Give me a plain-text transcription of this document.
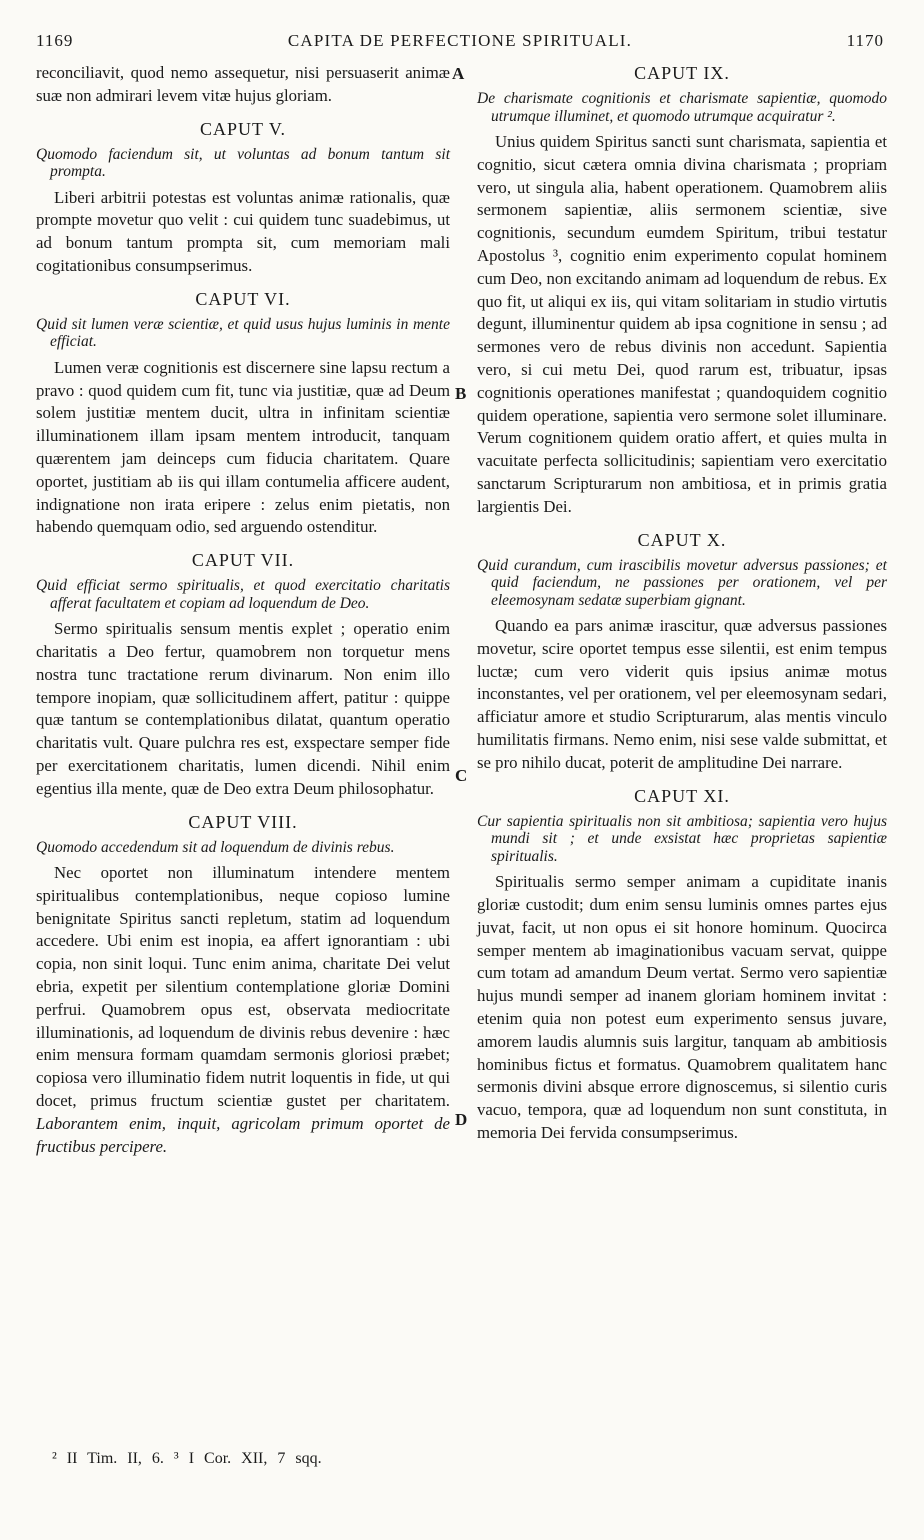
1169	CAPITA DE PERFECTIONE SPIRITUALI.	1170
A
B
C
D

reconciliavit, quod nemo assequetur, nisi persuaserit animæ suæ non admirari levem vitæ hujus gloriam.

CAPUT V.
Quomodo faciendum sit, ut voluntas ad bonum tantum sit prompta.

Liberi arbitrii potestas est voluntas animæ rationalis, quæ prompte movetur quo velit : cui quidem tunc suadebimus, ut ad bonum tantum prompta sit, cum memoriam mali cogitationibus consumpserimus.

CAPUT VI.
Quid sit lumen veræ scientiæ, et quid usus hujus luminis in mente efficiat.

Lumen veræ cognitionis est discernere sine lapsu rectum a pravo : quod quidem cum fit, tunc via justitiæ, quæ ad Deum solem justitiæ mentem ducit, ultra in infinitam scientiæ illuminationem illam ipsam mentem introducit, tanquam quærentem jam deinceps cum fiducia charitatem. Quare oportet, justitiam ab iis qui illam contumelia afficere audent, indignatione non irata eripere : zelus enim pietatis, non habendo quemquam odio, sed arguendo ostenditur.

CAPUT VII.
Quid efficiat sermo spiritualis, et quod exercitatio charitatis afferat facultatem et copiam ad loquendum de Deo.

Sermo spiritualis sensum mentis explet ; operatio enim charitatis a Deo fertur, quamobrem non torquetur mens nostra tunc tractatione rerum divinarum. Non enim illo tempore inopiam, quæ sollicitudinem affert, patitur : quippe quæ tantum se contemplationibus dilatat, quantum operatio charitatis vult. Quare pulchra res est, exspectare semper fide per exercitationem charitatis, lumen dicendi. Nihil enim egentius illa mente, quæ de Deo extra Deum philosophatur.

CAPUT VIII.
Quomodo accedendum sit ad loquendum de divinis rebus.

Nec oportet non illuminatum intendere mentem spiritualibus contemplationibus, neque copioso lumine benignitate Spiritus sancti repletum, statim ad loquendum accedere. Ubi enim est inopia, ea affert ignorantiam : ubi copia, non sinit loqui. Tunc enim anima, charitate Dei velut ebria, expetit per silentium contemplatione gloriæ Domini perfrui. Quamobrem opus est, observata mediocritate illuminationis, ad loquendum de divinis rebus devenire : hæc enim mensura formam quamdam sermonis gloriosi præbet; copiosa vero illuminatio fidem nutrit loquentis in fide, ut qui docet, primus fructum scientiæ gustet per charitatem. Laborantem enim, inquit, agricolam primum oportet de fructibus percipere.

CAPUT IX.
De charismate cognitionis et charismate sapientiæ, quomodo utrumque illuminet, et quomodo utrumque acquiratur ².

Unius quidem Spiritus sancti sunt charismata, sapientia et cognitio, sicut cætera omnia divina charismata ; propriam vero, ut singula alia, habent operationem. Quamobrem aliis sermonem sapientiæ, aliis sermonem scientiæ, sive cognitionis, secundum eumdem Spiritum, tribui testatur Apostolus ³, cognitio enim experimento copulat hominem cum Deo, non excitando animam ad loquendum de rebus. Ex quo fit, ut aliqui ex iis, qui vitam solitariam in studio virtutis degunt, illuminentur quidem ab ipsa cognitione in sensu ; ad sermones vero de rebus divinis non accedunt. Sapientia vero, si cui metu Dei, quod rarum est, tribuatur, ipsas cognitionis operationes manifestat ; quandoquidem cognitio quidem operatione, sapientia vero sermone solet illuminare. Verum cognitionem quidem oratio affert, et quies multa in vacuitate perfecta sollicitudinis; sapientiam vero exercitatio sanctarum Scripturarum non ambitiosa, et in primis gratia largientis Dei.

CAPUT X.
Quid curandum, cum irascibilis movetur adversus passiones; et quid faciendum, ne passiones per orationem, vel per eleemosynam sedatæ superbiam gignant.

Quando ea pars animæ irascitur, quæ adversus passiones movetur, scire oportet tempus esse silentii, est enim tempus luctæ; cum vero viderit quis ipsius animæ motus inconstantes, vel per orationem, vel per eleemosynam sedari, afficiatur amore et studio Scripturarum, alas mentis vinculo humilitatis firmans. Nemo enim, nisi sese valde submittat, et se pro nihilo ducat, poterit de amplitudine Dei narrare.

CAPUT XI.
Cur sapientia spiritualis non sit ambitiosa; sapientia vero hujus mundi sit ; et unde exsistat hæc proprietas sapientiæ spiritualis.

Spiritualis sermo semper animam a cupiditate inanis gloriæ custodit; dum enim sensu luminis omnes partes ejus juvat, facit, ut non opus ei sit honore hominum. Quocirca semper mentem ab imaginationibus vacuam servat, quippe cum totam ad amandum Deum vertat. Sermo vero sapientiæ hujus mundi semper ad inanem gloriam hominem invitat : etenim quia non potest eum experimento sensus juvare, amorem laudis alumnis suis largitur, tanquam ab ambitiosis hominibus fictus et formatus. Quamobrem qualitatem hanc sermonis divini absque errore dignoscemus, si silentio curis vacuo, tempora, quæ ad loquendum non sunt constituta, in memoria Dei fervida consumpserimus.

² II Tim. II, 6. ³ I Cor. XII, 7 sqq.
